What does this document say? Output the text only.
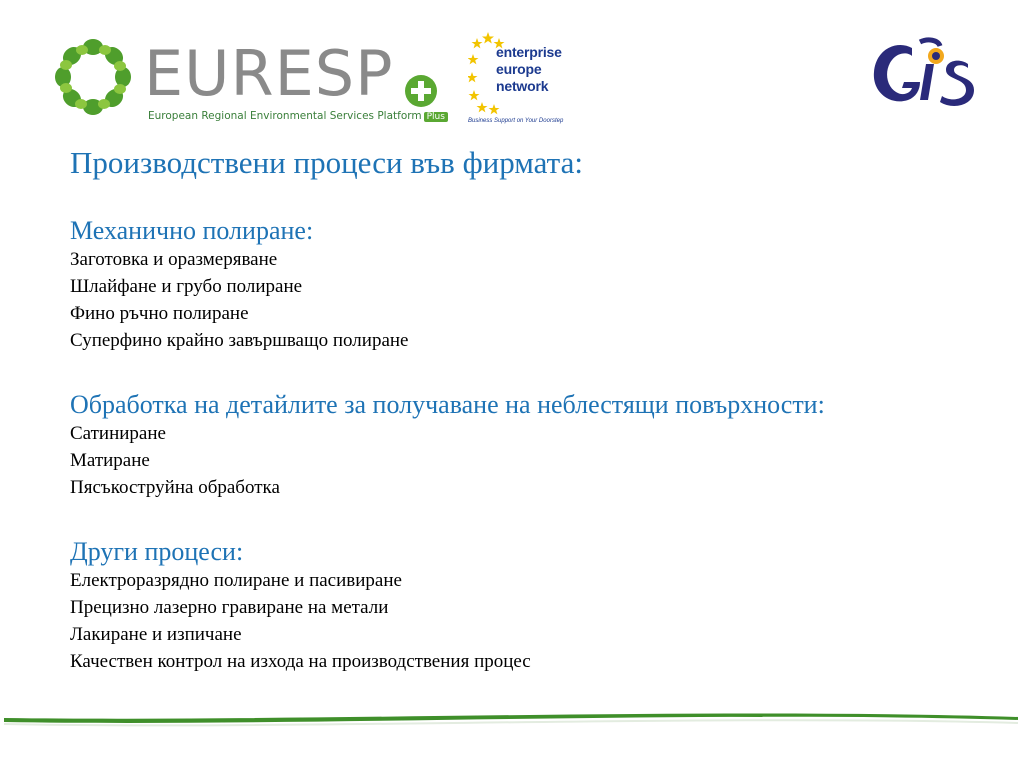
EURESP
European Regional Environmental Services Platform Plus
enterprise
europe
network
Business Support on Your Doorstep
Производствени процеси във фирмата:
Механично полиране:
Заготовка и оразмеряване
Шлайфане и грубо полиране
Фино ръчно полиране
Суперфино крайно завършващо полиране
Обработка на детайлите за получаване на неблестящи повърхности:
Сатиниране
Матиране
Пясъкоструйна обработка
Други процеси:
Електроразрядно полиране и пасивиране
Прецизно лазерно гравиране на метали
Лакиране и изпичане
Качествен контрол на изхода на производствения процес
